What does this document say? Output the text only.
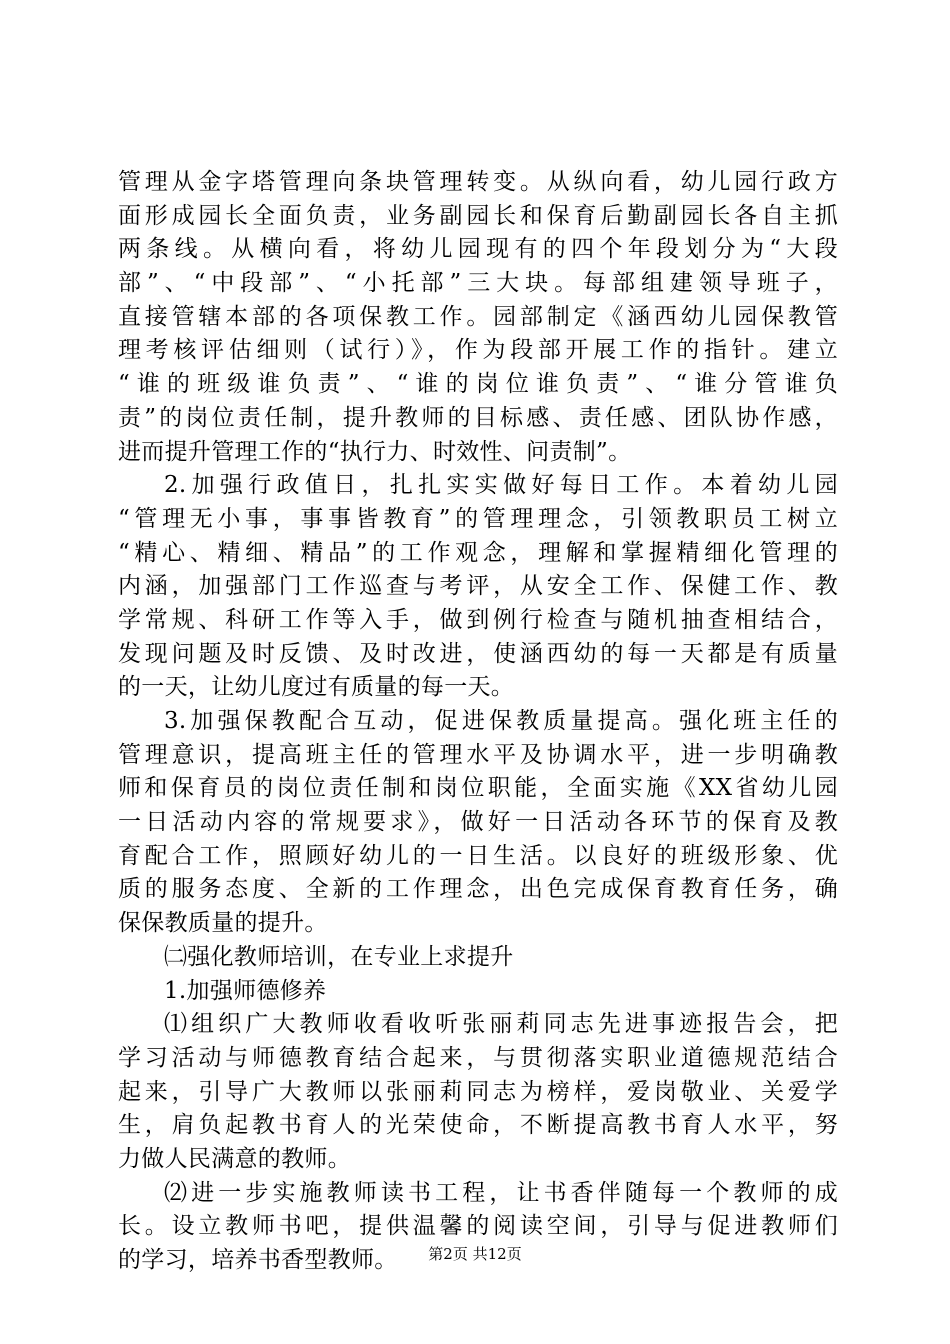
管理从金字塔管理向条块管理转变。从纵向看，幼儿园行政方
面形成园长全面负责，业务副园长和保育后勤副园长各自主抓
两条线。从横向看，将幼儿园现有的四个年段划分为“大段
部”、“中段部”、“小托部”三大块。每部组建领导班子，
直接管辖本部的各项保教工作。园部制定《涵西幼儿园保教管
理考核评估细则（试行）》，作为段部开展工作的指针。建立
“谁的班级谁负责”、“谁的岗位谁负责”、“谁分管谁负
责”的岗位责任制，提升教师的目标感、责任感、团队协作感，
进而提升管理工作的“执行力、时效性、问责制”。
2.加强行政值日，扎扎实实做好每日工作。本着幼儿园
“管理无小事，事事皆教育”的管理理念，引领教职员工树立
“精心、精细、精品”的工作观念，理解和掌握精细化管理的
内涵，加强部门工作巡查与考评，从安全工作、保健工作、教
学常规、科研工作等入手，做到例行检查与随机抽查相结合，
发现问题及时反馈、及时改进，使涵西幼的每一天都是有质量
的一天，让幼儿度过有质量的每一天。
3.加强保教配合互动，促进保教质量提高。强化班主任的
管理意识，提高班主任的管理水平及协调水平，进一步明确教
师和保育员的岗位责任制和岗位职能，全面实施《XX省幼儿园
一日活动内容的常规要求》，做好一日活动各环节的保育及教
育配合工作，照顾好幼儿的一日生活。以良好的班级形象、优
质的服务态度、全新的工作理念，出色完成保育教育任务，确
保保教质量的提升。
㈡强化教师培训，在专业上求提升
1.加强师德修养
⑴组织广大教师收看收听张丽莉同志先进事迹报告会，把
学习活动与师德教育结合起来，与贯彻落实职业道德规范结合
起来，引导广大教师以张丽莉同志为榜样，爱岗敬业、关爱学
生，肩负起教书育人的光荣使命，不断提高教书育人水平，努
力做人民满意的教师。
⑵进一步实施教师读书工程，让书香伴随每一个教师的成
长。设立教师书吧，提供温馨的阅读空间，引导与促进教师们
的学习，培养书香型教师。	第2页 共12页
